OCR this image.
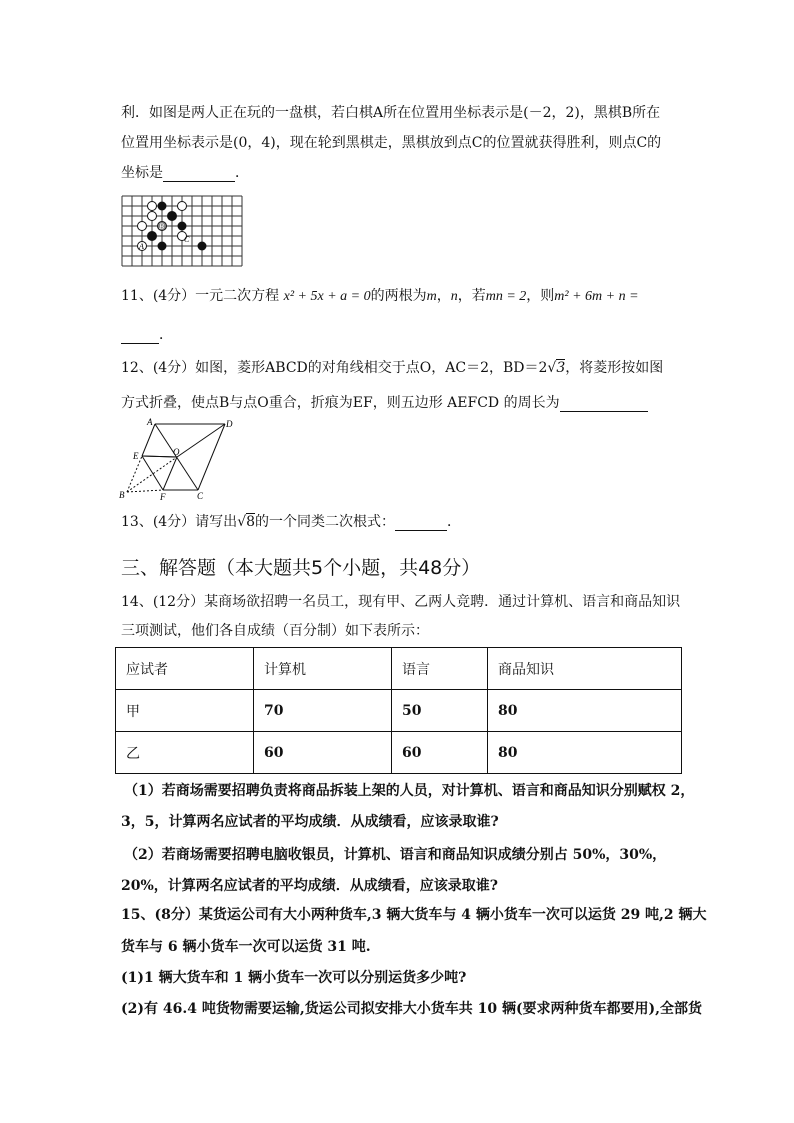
利．如图是两人正在玩的一盘棋，若白棋A所在位置用坐标表示是(－2，2)，黑棋B所在
位置用坐标表示是(0，4)，现在轮到黑棋走，黑棋放到点C的位置就获得胜利，则点C的
坐标是	．
A
B
C
11、(4分）一元二次方程 x² + 5x + a = 0的两根为m，n，若mn = 2，则m² + 6m + n =
．
12、(4分）如图，菱形ABCD的对角线相交于点O，AC＝2，BD＝2√3，将菱形按如图
方式折叠，使点B与点O重合，折痕为EF，则五边形 AEFCD 的周长为
A	D
E	O
B	F	C
13、(4分）请写出√8的一个同类二次根式：	．
三、解答题（本大题共5个小题，共48分）
14、(12分）某商场欲招聘一名员工，现有甲、乙两人竞聘．通过计算机、语言和商品知识
三项测试，他们各自成绩（百分制）如下表所示：
应试者	计算机	语言	商品知识
甲	70	50	80
乙	60	60	80
（1）若商场需要招聘负责将商品拆装上架的人员，对计算机、语言和商品知识分别赋权 2，
3，5，计算两名应试者的平均成绩．从成绩看，应该录取谁?
（2）若商场需要招聘电脑收银员，计算机、语言和商品知识成绩分别占 50%，30%，
20%，计算两名应试者的平均成绩．从成绩看，应该录取谁?
15、(8分）某货运公司有大小两种货车,3 辆大货车与 4 辆小货车一次可以运货 29 吨,2 辆大
货车与 6 辆小货车一次可以运货 31 吨.
(1)1 辆大货车和 1 辆小货车一次可以分别运货多少吨?
(2)有 46.4 吨货物需要运输,货运公司拟安排大小货车共 10 辆(要求两种货车都要用),全部货
